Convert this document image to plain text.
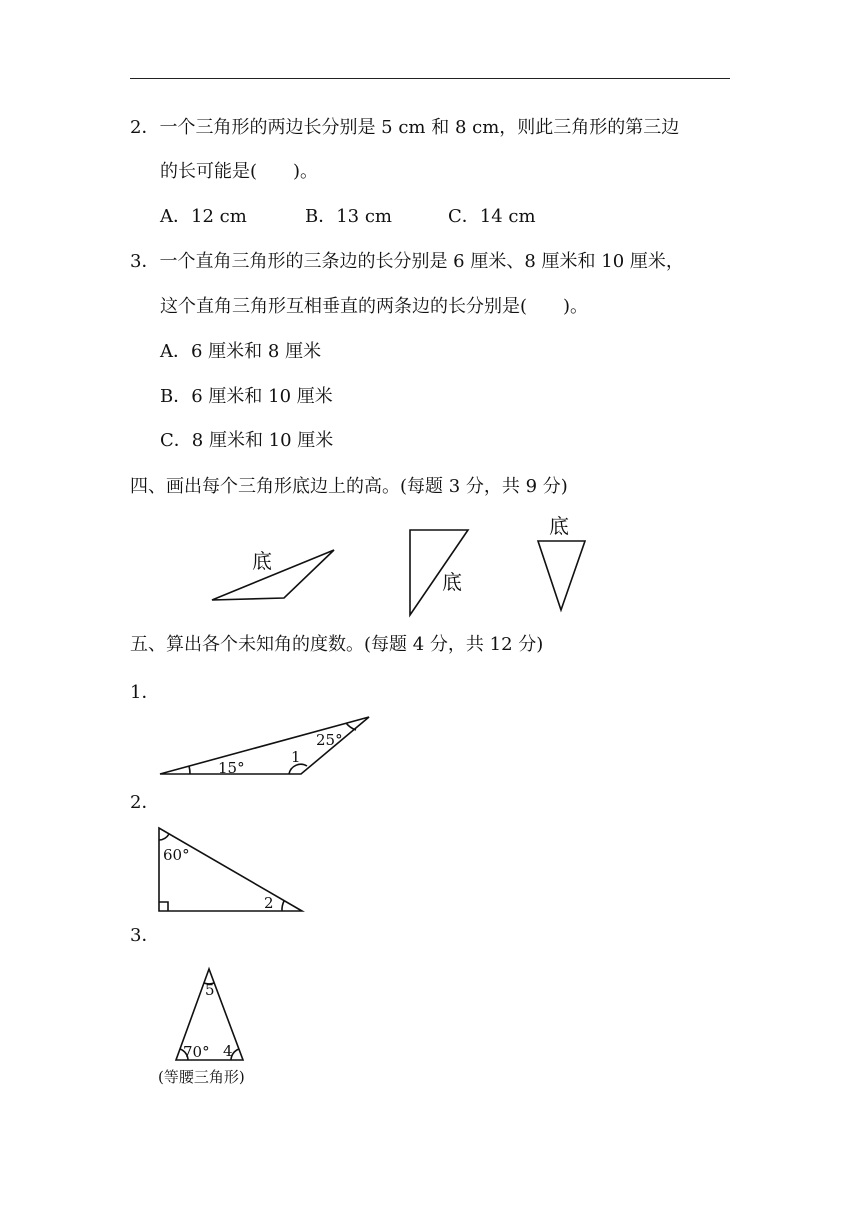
2．一个三角形的两边长分别是 5 cm 和 8 cm，则此三角形的第三边
的长可能是(　　)。
A．12 cm	B．13 cm	C．14 cm
3．一个直角三角形的三条边的长分别是 6 厘米、8 厘米和 10 厘米，
这个直角三角形互相垂直的两条边的长分别是(　　)。
A．6 厘米和 8 厘米
B．6 厘米和 10 厘米
C．8 厘米和 10 厘米
四、画出每个三角形底边上的高。(每题 3 分，共 9 分)
五、算出各个未知角的度数。(每题 4 分，共 12 分)
1．
2．
3．
底
底
底
15°
25°
1
60°
2
5
70° 4
(等腰三角形)
